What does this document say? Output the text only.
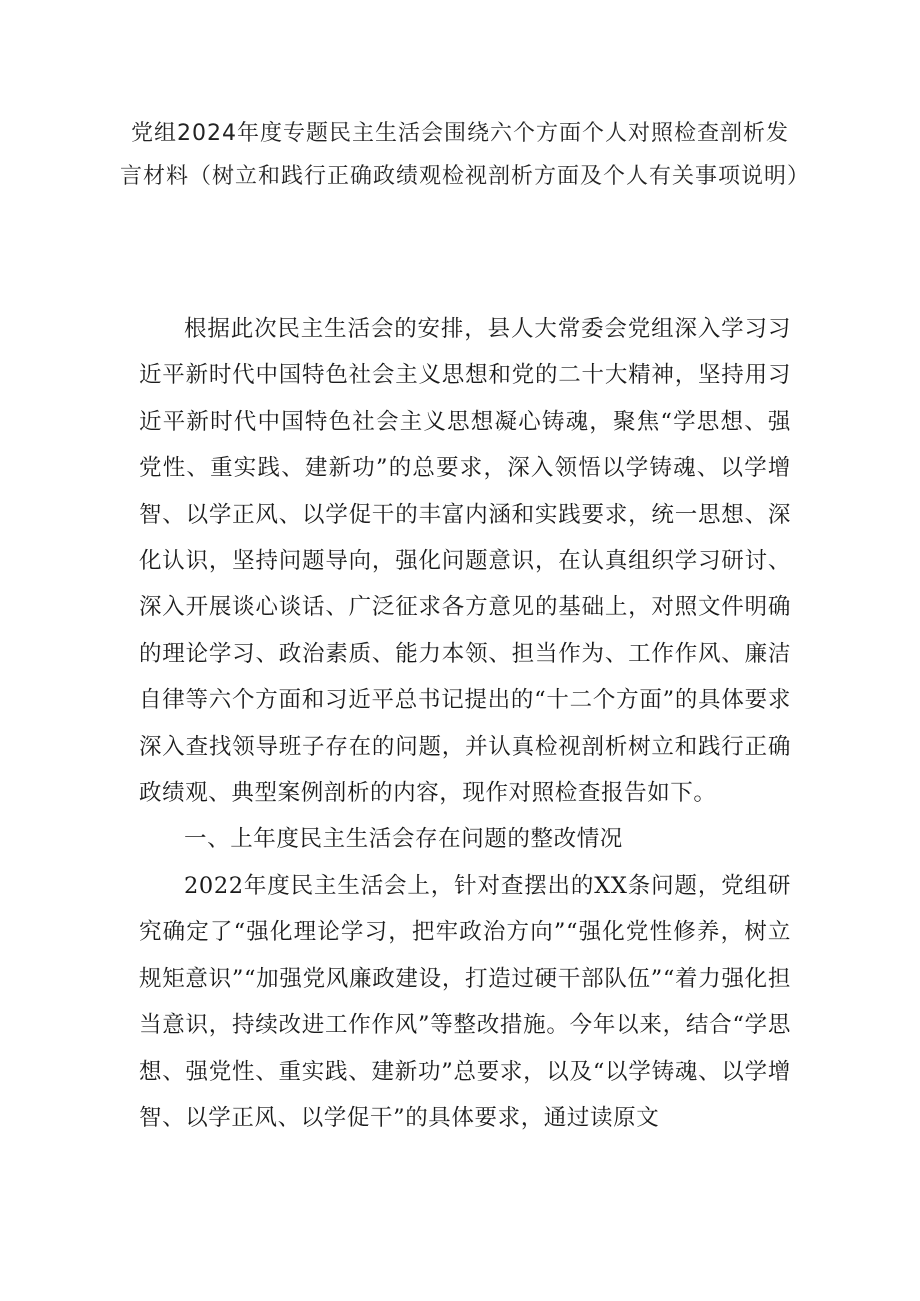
党组2024年度专题民主生活会围绕六个方面个人对照检查剖析发言材料（树立和践行正确政绩观检视剖析方面及个人有关事项说明）

根据此次民主生活会的安排，县人大常委会党组深入学习习近平新时代中国特色社会主义思想和党的二十大精神，坚持用习近平新时代中国特色社会主义思想凝心铸魂，聚焦“学思想、强党性、重实践、建新功”的总要求，深入领悟以学铸魂、以学增智、以学正风、以学促干的丰富内涵和实践要求，统一思想、深化认识，坚持问题导向，强化问题意识，在认真组织学习研讨、深入开展谈心谈话、广泛征求各方意见的基础上，对照文件明确的理论学习、政治素质、能力本领、担当作为、工作作风、廉洁自律等六个方面和习近平总书记提出的“十二个方面”的具体要求深入查找领导班子存在的问题，并认真检视剖析树立和践行正确政绩观、典型案例剖析的内容，现作对照检查报告如下。

一、上年度民主生活会存在问题的整改情况

2022年度民主生活会上，针对查摆出的XX条问题，党组研究确定了“强化理论学习，把牢政治方向”“强化党性修养，树立规矩意识”“加强党风廉政建设，打造过硬干部队伍”“着力强化担当意识，持续改进工作作风”等整改措施。今年以来，结合“学思想、强党性、重实践、建新功”总要求，以及“以学铸魂、以学增智、以学正风、以学促干”的具体要求，通过读原文
